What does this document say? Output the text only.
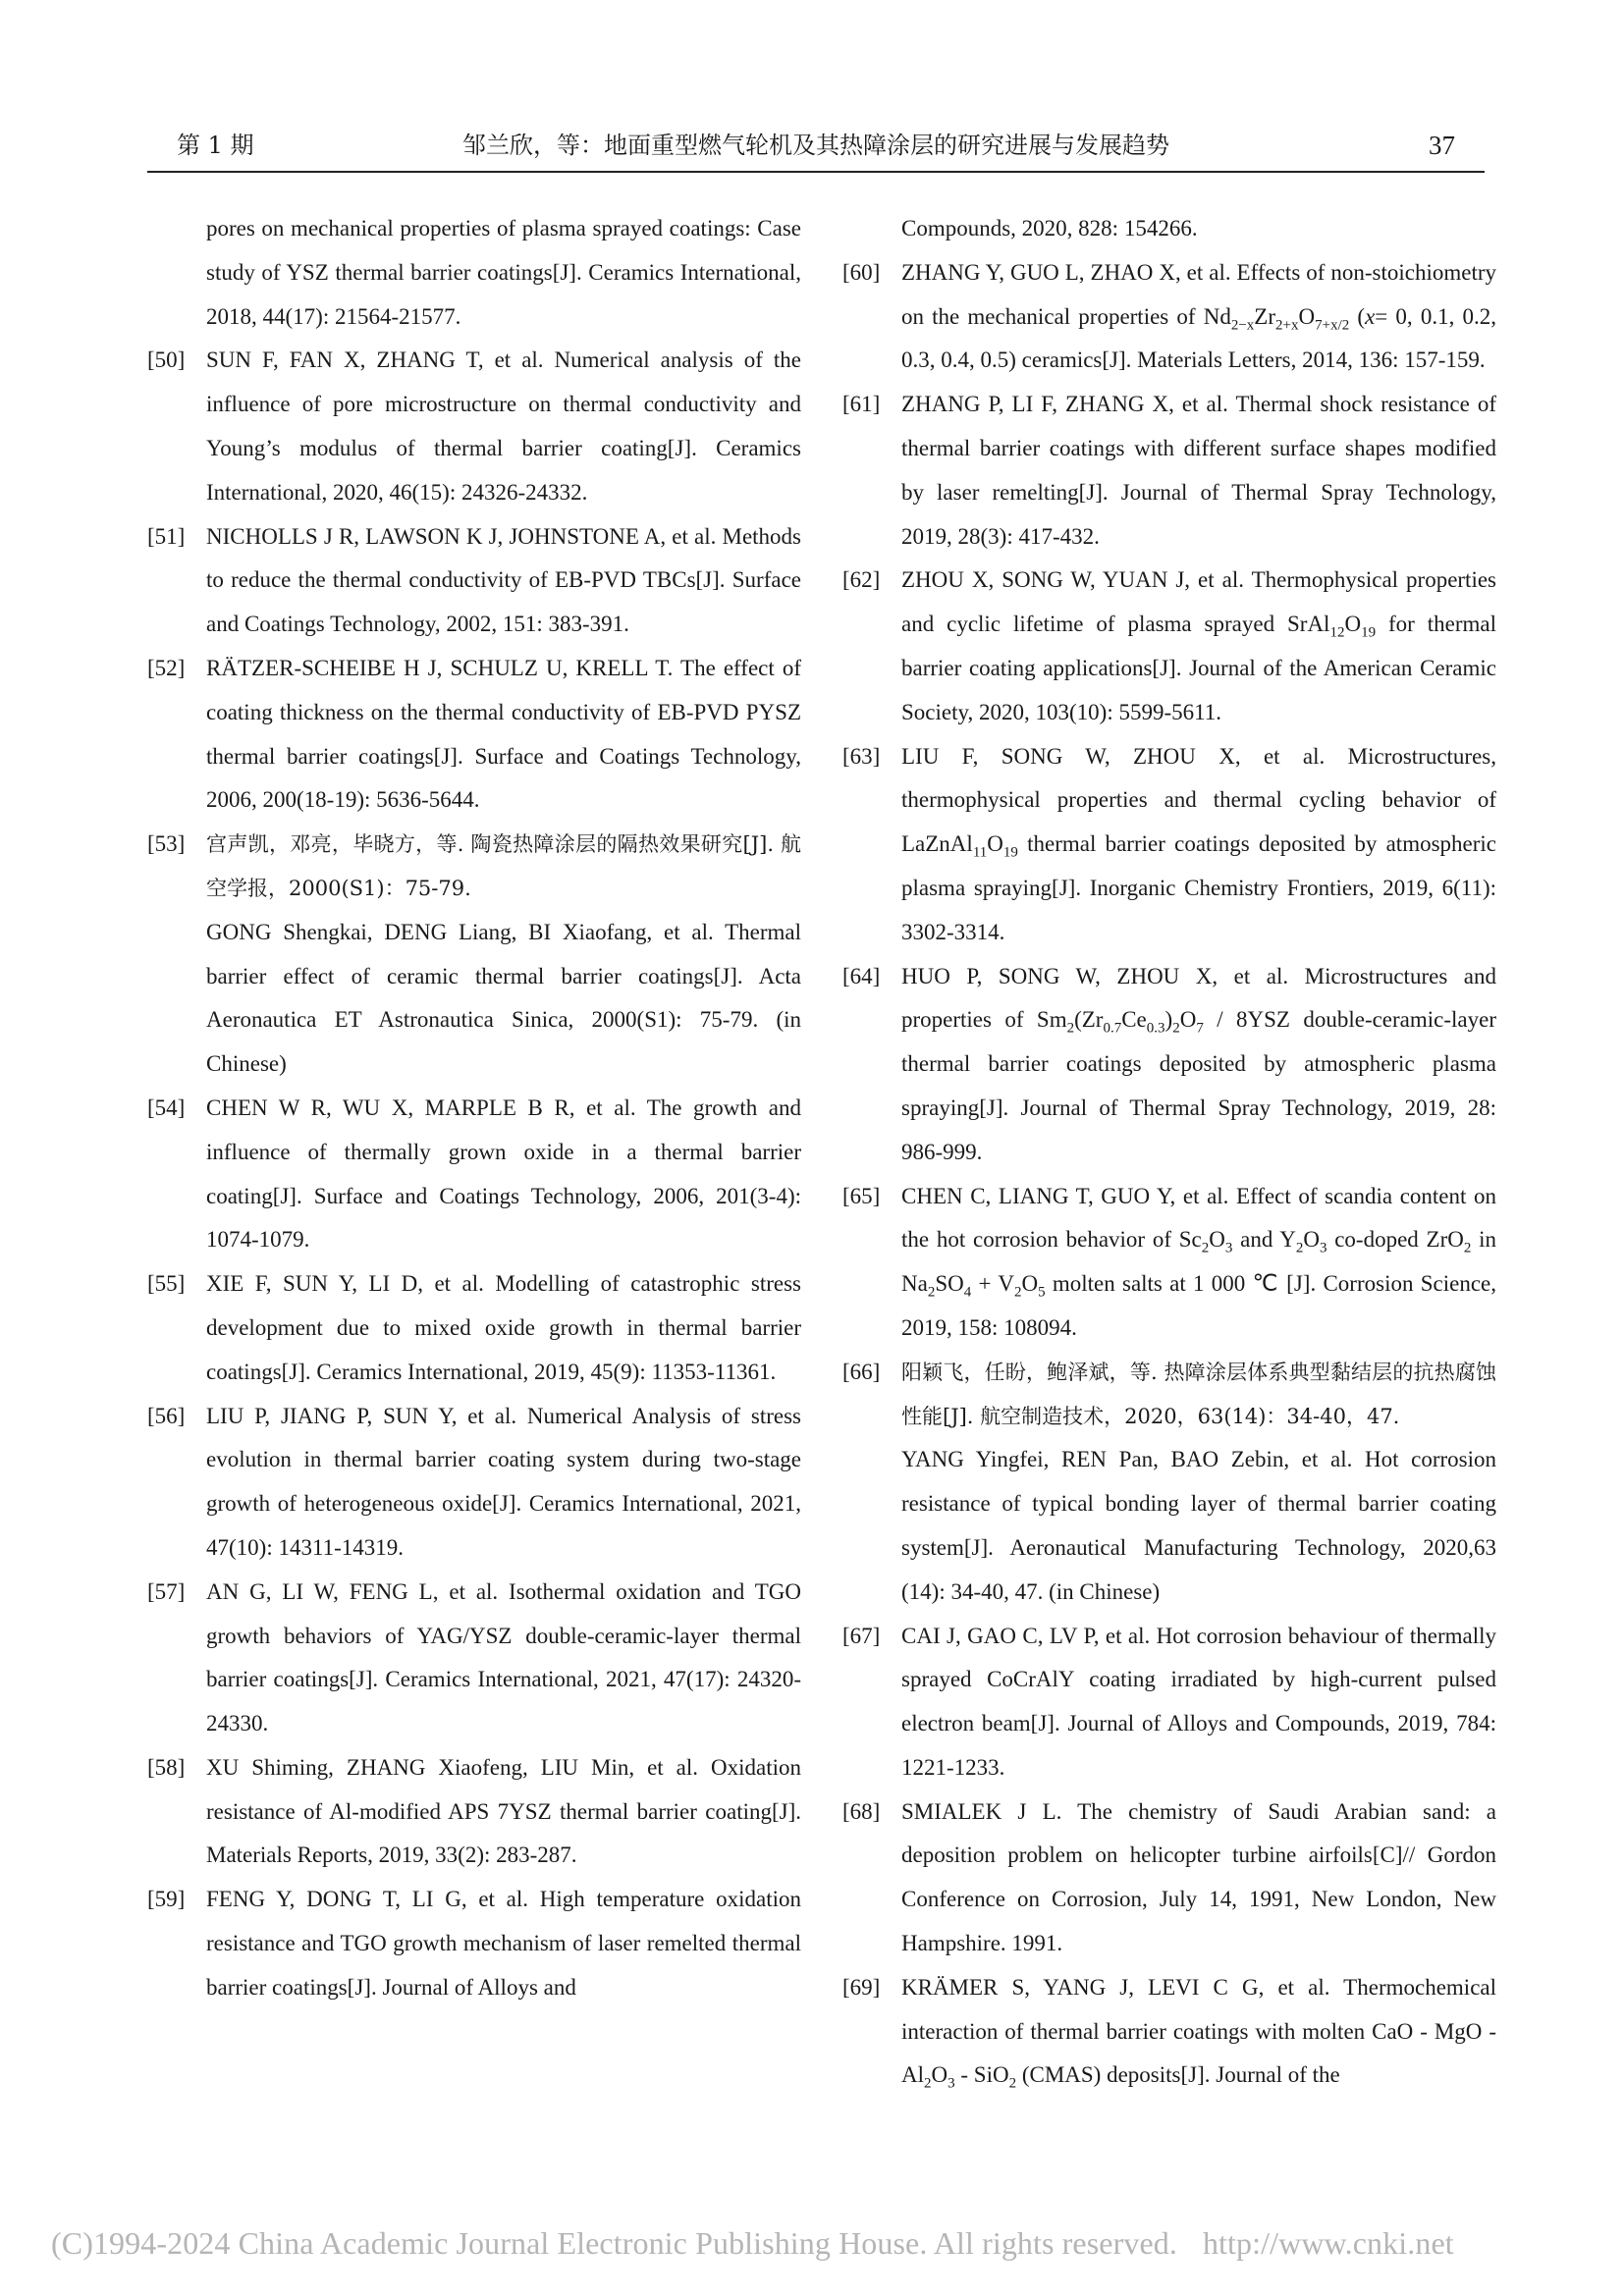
第 1 期	邹兰欣，等：地面重型燃气轮机及其热障涂层的研究进展与发展趋势	37
pores on mechanical properties of plasma sprayed coatings: Case study of YSZ thermal barrier coatings[J]. Ceramics International, 2018, 44(17): 21564-21577.
[50] SUN F, FAN X, ZHANG T, et al. Numerical analysis of the influence of pore microstructure on thermal conductivity and Young’s modulus of thermal barrier coating[J]. Ceramics International, 2020, 46(15): 24326-24332.
[51] NICHOLLS J R, LAWSON K J, JOHNSTONE A, et al. Methods to reduce the thermal conductivity of EB-PVD TBCs[J]. Surface and Coatings Technology, 2002, 151: 383-391.
[52] RÄTZER-SCHEIBE H J, SCHULZ U, KRELL T. The effect of coating thickness on the thermal conductivity of EB-PVD PYSZ thermal barrier coatings[J]. Surface and Coatings Technology, 2006, 200(18-19): 5636-5644.
[53]	宫声凯，邓亮，毕晓方，等. 陶瓷热障涂层的隔热效果研究[J]. 航空学报，2000(S1)：75-79.
GONG Shengkai, DENG Liang, BI Xiaofang, et al. Thermal barrier effect of ceramic thermal barrier coatings[J]. Acta Aeronautica ET Astronautica Sinica, 2000(S1): 75-79. (in Chinese)
[54] CHEN W R, WU X, MARPLE B R, et al. The growth and influence of thermally grown oxide in a thermal barrier coating[J]. Surface and Coatings Technology, 2006, 201(3-4): 1074-1079.
[55] XIE F, SUN Y, LI D, et al. Modelling of catastrophic stress development due to mixed oxide growth in thermal barrier coatings[J]. Ceramics International, 2019, 45(9): 11353-11361.
[56] LIU P, JIANG P, SUN Y, et al. Numerical Analysis of stress evolution in thermal barrier coating system during two-stage growth of heterogeneous oxide[J]. Ceramics International, 2021, 47(10): 14311-14319.
[57] AN G, LI W, FENG L, et al. Isothermal oxidation and TGO growth behaviors of YAG/YSZ double-ceramic-layer thermal barrier coatings[J]. Ceramics International, 2021, 47(17): 24320-24330.
[58] XU Shiming, ZHANG Xiaofeng, LIU Min, et al. Oxidation resistance of Al-modified APS 7YSZ thermal barrier coating[J]. Materials Reports, 2019, 33(2): 283-287.
[59] FENG Y, DONG T, LI G, et al. High temperature oxidation resistance and TGO growth mechanism of laser remelted thermal barrier coatings[J]. Journal of Alloys and
Compounds, 2020, 828: 154266.
[60] ZHANG Y, GUO L, ZHAO X, et al. Effects of non-stoichiometry on the mechanical properties of $Nd_{2-x}Zr_{2+x}O_{7+x/2}$ (x= 0, 0.1, 0.2, 0.3, 0.4, 0.5) ceramics[J]. Materials Letters, 2014, 136: 157-159.
[61] ZHANG P, LI F, ZHANG X, et al. Thermal shock resistance of thermal barrier coatings with different surface shapes modified by laser remelting[J]. Journal of Thermal Spray Technology, 2019, 28(3): 417-432.
[62] ZHOU X, SONG W, YUAN J, et al. Thermophysical properties and cyclic lifetime of plasma sprayed $SrAl_{12}O_{19}$ for thermal barrier coating applications[J]. Journal of the American Ceramic Society, 2020, 103(10): 5599-5611.
[63] LIU F, SONG W, ZHOU X, et al. Microstructures, thermophysical properties and thermal cycling behavior of $LaZnAl_{11}O_{19}$ thermal barrier coatings deposited by atmospheric plasma spraying[J]. Inorganic Chemistry Frontiers, 2019, 6(11): 3302-3314.
[64] HUO P, SONG W, ZHOU X, et al. Microstructures and properties of $Sm_2(Zr_{0.7}Ce_{0.3})_2O_7 / 8YSZ$ double-ceramic-layer thermal barrier coatings deposited by atmospheric plasma spraying[J]. Journal of Thermal Spray Technology, 2019, 28: 986-999.
[65] CHEN C, LIANG T, GUO Y, et al. Effect of scandia content on the hot corrosion behavior of $Sc_2O_3$ and $Y_2O_3$ co-doped ZrO$_2$ in $Na_2SO_4 + V_2O_5$ molten salts at 1 000 ℃ [J]. Corrosion Science, 2019, 158: 108094.
[66]	阳颖飞，任盼，鲍泽斌，等. 热障涂层体系典型黏结层的抗热腐蚀性能[J]. 航空制造技术，2020，63(14)：34-40，47.
YANG Yingfei, REN Pan, BAO Zebin, et al. Hot corrosion resistance of typical bonding layer of thermal barrier coating system[J]. Aeronautical Manufacturing Technology, 2020,63 (14): 34-40, 47. (in Chinese)
[67] CAI J, GAO C, LV P, et al. Hot corrosion behaviour of thermally sprayed CoCrAlY coating irradiated by high-current pulsed electron beam[J]. Journal of Alloys and Compounds, 2019, 784: 1221-1233.
[68] SMIALEK J L. The chemistry of Saudi Arabian sand: a deposition problem on helicopter turbine airfoils[C]// Gordon Conference on Corrosion, July 14, 1991, New London, New Hampshire. 1991.
[69] KRÄMER S, YANG J, LEVI C G, et al. Thermochemical interaction of thermal barrier coatings with molten CaO - MgO - $Al_2O_3 - SiO_2$ (CMAS) deposits[J]. Journal of the
(C)1994-2024 China Academic Journal Electronic Publishing House. All rights reserved. http://www.cnki.net
